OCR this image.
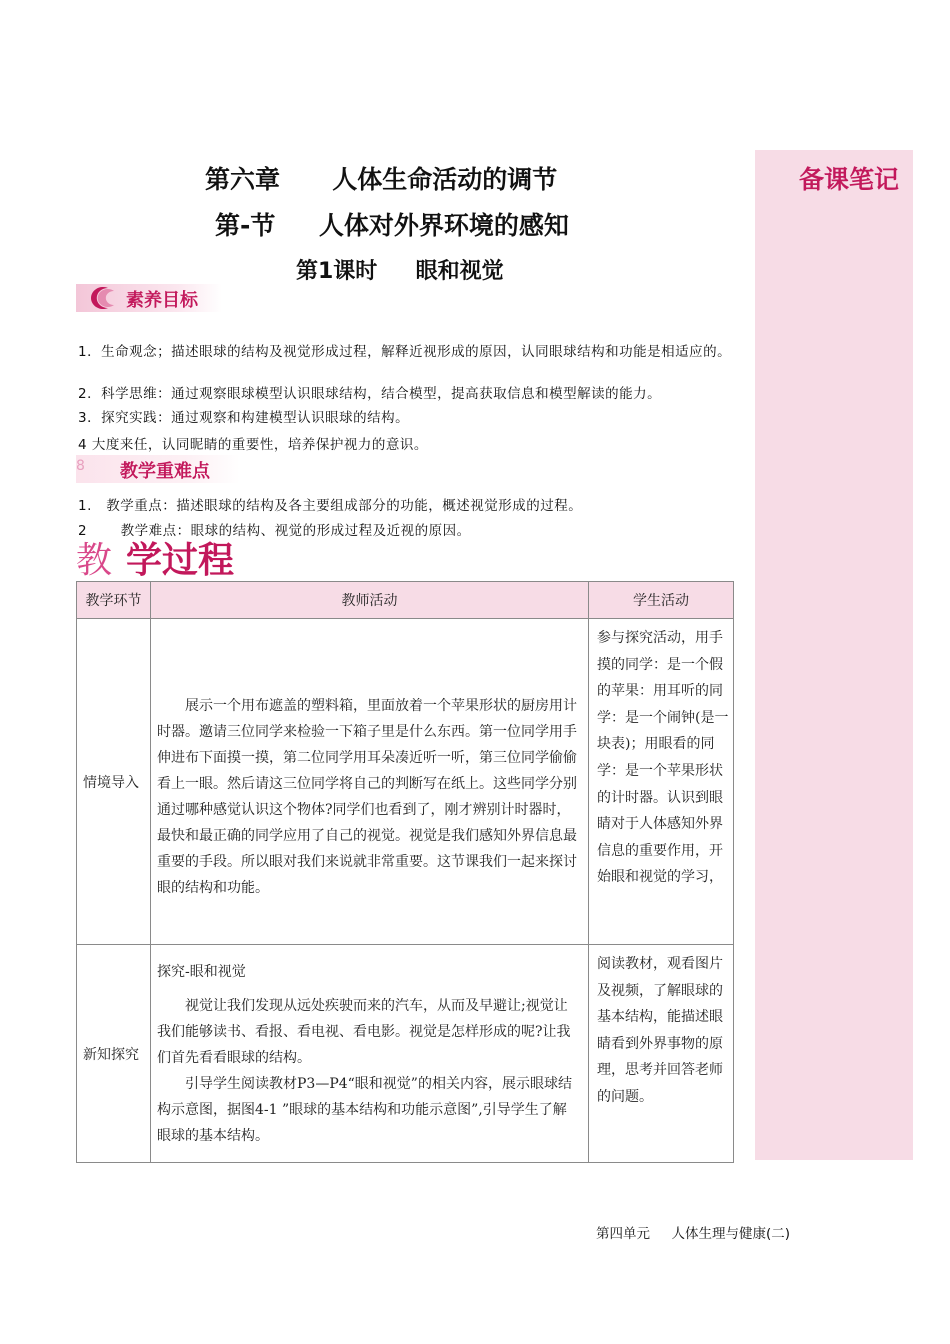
备课笔记
第六章      人体生命活动的调节
第-节     人体对外界环境的感知
第1课时     眼和视觉
素养目标
1．生命观念；描述眼球的结构及视觉形成过程，解释近视形成的原因，认同眼球结构和功能是相适应的。
2．科学思维：通过观察眼球模型认识眼球结构，结合模型，提高获取信息和模型解读的能力。
3．探究实践：通过观察和构建模型认识眼球的结构。
4 大度来任，认同昵睛的重要性，培养保护视力的意识。
8 教学重难点
1.   教学重点：描述眼球的结构及各主要组成部分的功能，概述视觉形成的过程。
2       教学难点：眼球的结构、视觉的形成过程及近视的原因。
教 学过程
教学环节	教师活动	学生活动
情境导入	展示一个用布遮盖的塑料箱，里面放着一个苹果形状的厨房用计时器。邀请三位同学来检验一下箱子里是什么东西。第一位同学用手伸进布下面摸一摸，第二位同学用耳朵凑近听一听，第三位同学偷偷看上一眼。然后请这三位同学将自己的判断写在纸上。这些同学分别通过哪种感觉认识这个物体?同学们也看到了，刚才辨别计时器时，最快和最正确的同学应用了自己的视觉。视觉是我们感知外界信息最重要的手段。所以眼对我们来说就非常重要。这节课我们一起来探讨眼的结构和功能。	参与探究活动，用手摸的同学：是一个假的苹果：用耳听的同学：是一个闹钟(是一块表)；用眼看的同学：是一个苹果形状的计时器。认识到眼睛对于人体感知外界信息的重要作用，开始眼和视觉的学习，
新知探究	探究-眼和视觉
视觉让我们发现从远处疾驶而来的汽车，从而及早避让;视觉让我们能够读书、看报、看电视、看电影。视觉是怎样形成的呢?让我们首先看看眼球的结构。
引导学生阅读教材P3—P4“眼和视觉”的相关内容，展示眼球结构示意图，据图4-1 ”眼球的基本结构和功能示意图”,引导学生了解眼球的基本结构。	阅读教材，观看图片及视频，了解眼球的基本结构，能描述眼睛看到外界事物的原理，思考并回答老师的问题。
第四单元     人体生理与健康(二)
